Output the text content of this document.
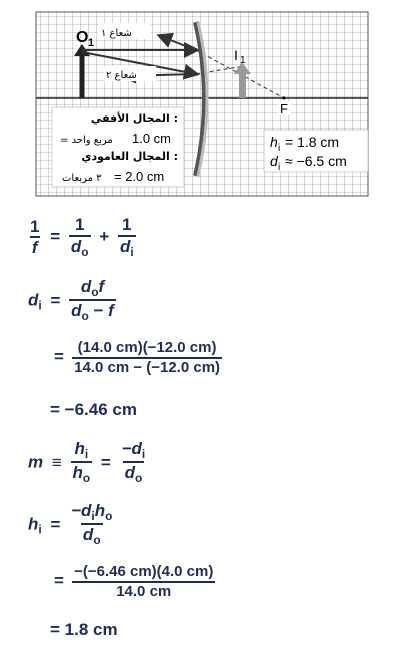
O 1
شعاع ١
شعاع ٢
I 1
F
المجال الأفقي :
1.0 cm
= مربع واحد
المجال العامودي :
= 2.0 cm
٣ مربعات
h i = 1.8 cm
d i ≈ −6.5 cm
$\frac{1}{f} = \frac{1}{d_o} + \frac{1}{d_i}$
$d_i = \frac{d_of}{d_o - f}$
= $\frac{(14.0 cm)(-12.0 cm)}{14.0 cm - (-12.0 cm)}$
= −6.46 cm
$m \equiv \frac{h_i}{h_o} = \frac{-d_i}{d_o}$
$h_i = \frac{-d_ih_o}{d_o}$
= $\frac{-(-6.46 cm)(4.0 cm)}{14.0 cm}$
= 1.8 cm
